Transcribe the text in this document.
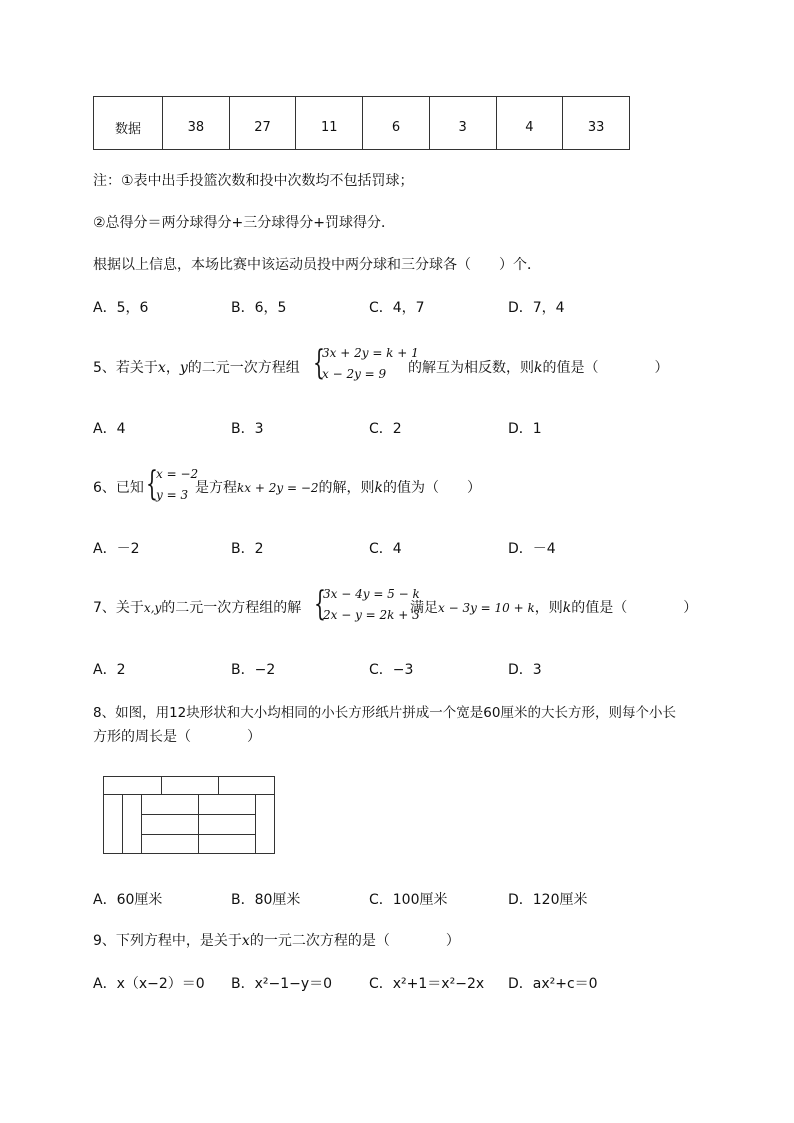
数据	38	27	11	6	3	4	33
注：①表中出手投篮次数和投中次数均不包括罚球；
②总得分＝两分球得分+三分球得分+罚球得分．
根据以上信息，本场比赛中该运动员投中两分球和三分球各（　　）个．
A．5，6	B．6，5	C．4，7	D．7，4
5、若关于x，y的二元一次方程组 {
3x + 2y = k + 1
x − 2y = 9 的解互为相反数，则k的值是（　　　　）
A．4	B．3	C．2	D．1
6、已知 {
x = −2
y = 3 是方程kx + 2y = −2的解，则k的值为（　　）
A．－2	B．2	C．4	D．－4
7、关于x,y的二元一次方程组的解 {
3x − 4y = 5 − k
2x − y = 2k + 3
满足x − 3y = 10 + k，则k的值是（　　　　）
A．2	B．−2	C．−3	D．3
8、如图，用12块形状和大小均相同的小长方形纸片拼成一个宽是60厘米的大长方形，则每个小长
方形的周长是（　　　　）
A．60厘米	B．80厘米	C．100厘米	D．120厘米
9、下列方程中，是关于x的一元二次方程的是（　　　　）
A．x（x−2）＝0 B．x²−1−y＝0	C．x²+1＝x²−2x D．ax²+c＝0
